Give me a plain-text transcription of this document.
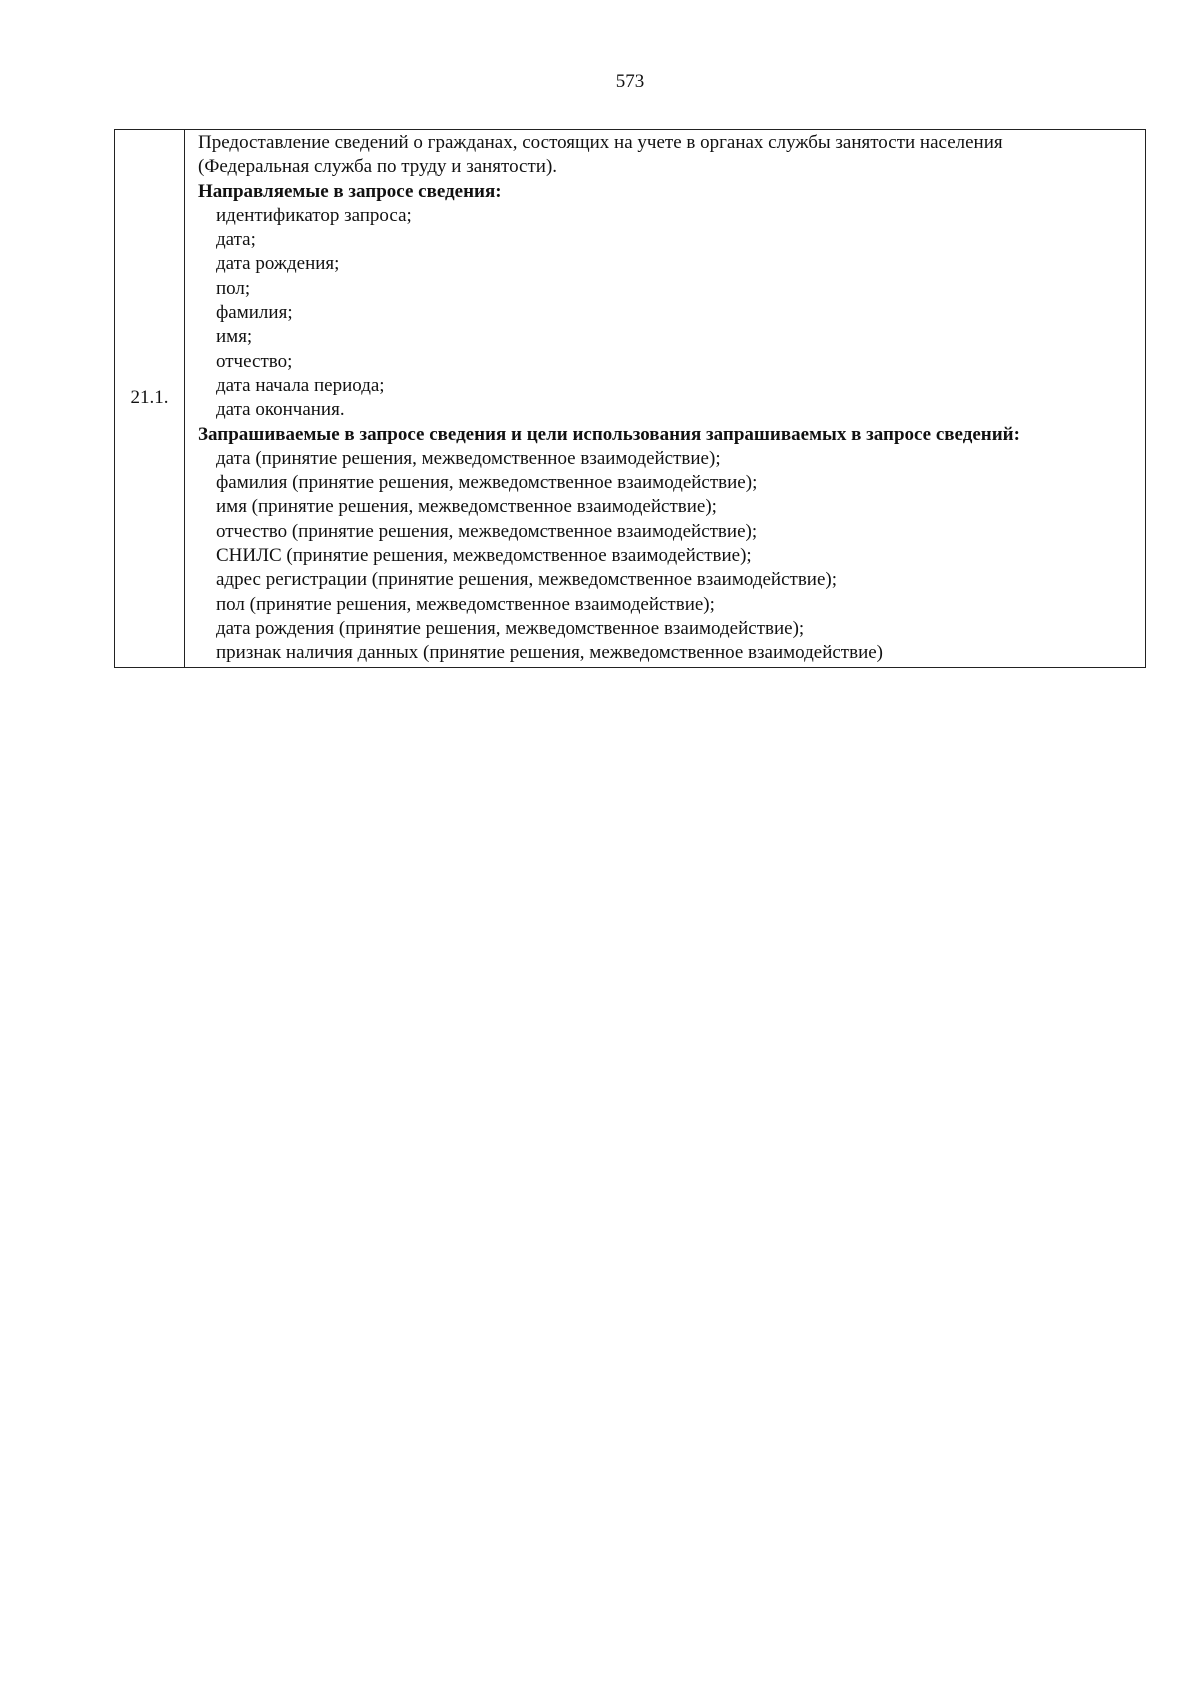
573
21.1.	
Предоставление сведений о гражданах, состоящих на учете в органах службы занятости населения
(Федеральная служба по труду и занятости).
Направляемые в запросе сведения:
идентификатор запроса;
дата;
дата рождения;
пол;
фамилия;
имя;
отчество;
дата начала периода;
дата окончания.
Запрашиваемые в запросе сведения и цели использования запрашиваемых в запросе сведений:
дата (принятие решения, межведомственное взаимодействие);
фамилия (принятие решения, межведомственное взаимодействие);
имя (принятие решения, межведомственное взаимодействие);
отчество (принятие решения, межведомственное взаимодействие);
СНИЛС (принятие решения, межведомственное взаимодействие);
адрес регистрации (принятие решения, межведомственное взаимодействие);
пол (принятие решения, межведомственное взаимодействие);
дата рождения (принятие решения, межведомственное взаимодействие);
признак наличия данных (принятие решения, межведомственное взаимодействие)
